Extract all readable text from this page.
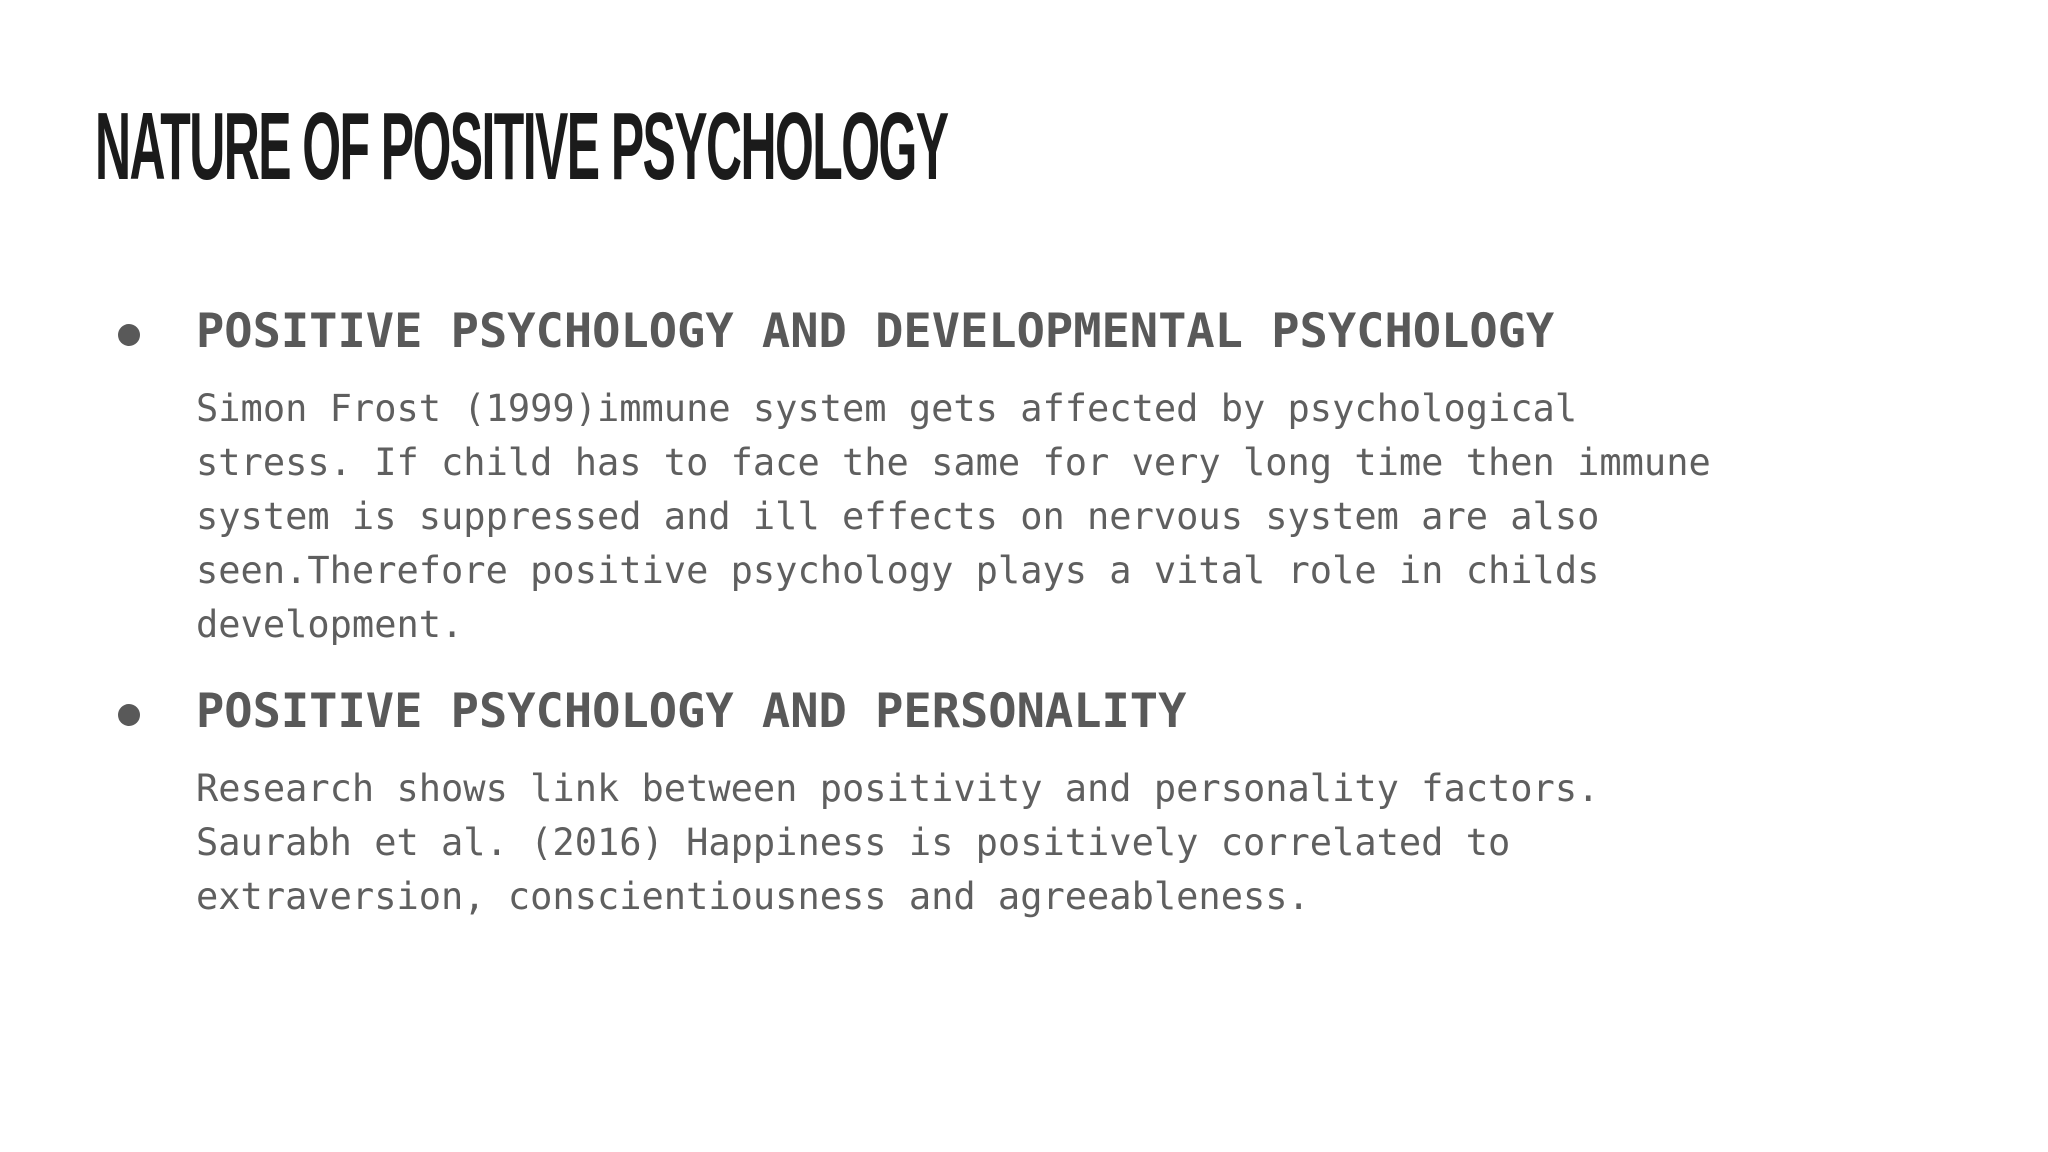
NATURE OF POSITIVE PSYCHOLOGY
POSITIVE PSYCHOLOGY AND DEVELOPMENTAL PSYCHOLOGY

Simon Frost (1999)immune system gets affected by psychological
stress. If child has to face the same for very long time then immune
system is suppressed and ill effects on nervous system are also
seen.Therefore positive psychology plays a vital role in childs
development.

POSITIVE PSYCHOLOGY AND PERSONALITY

Research shows link between positivity and personality factors.
Saurabh et al. (2016) Happiness is positively correlated to
extraversion, conscientiousness and agreeableness.
